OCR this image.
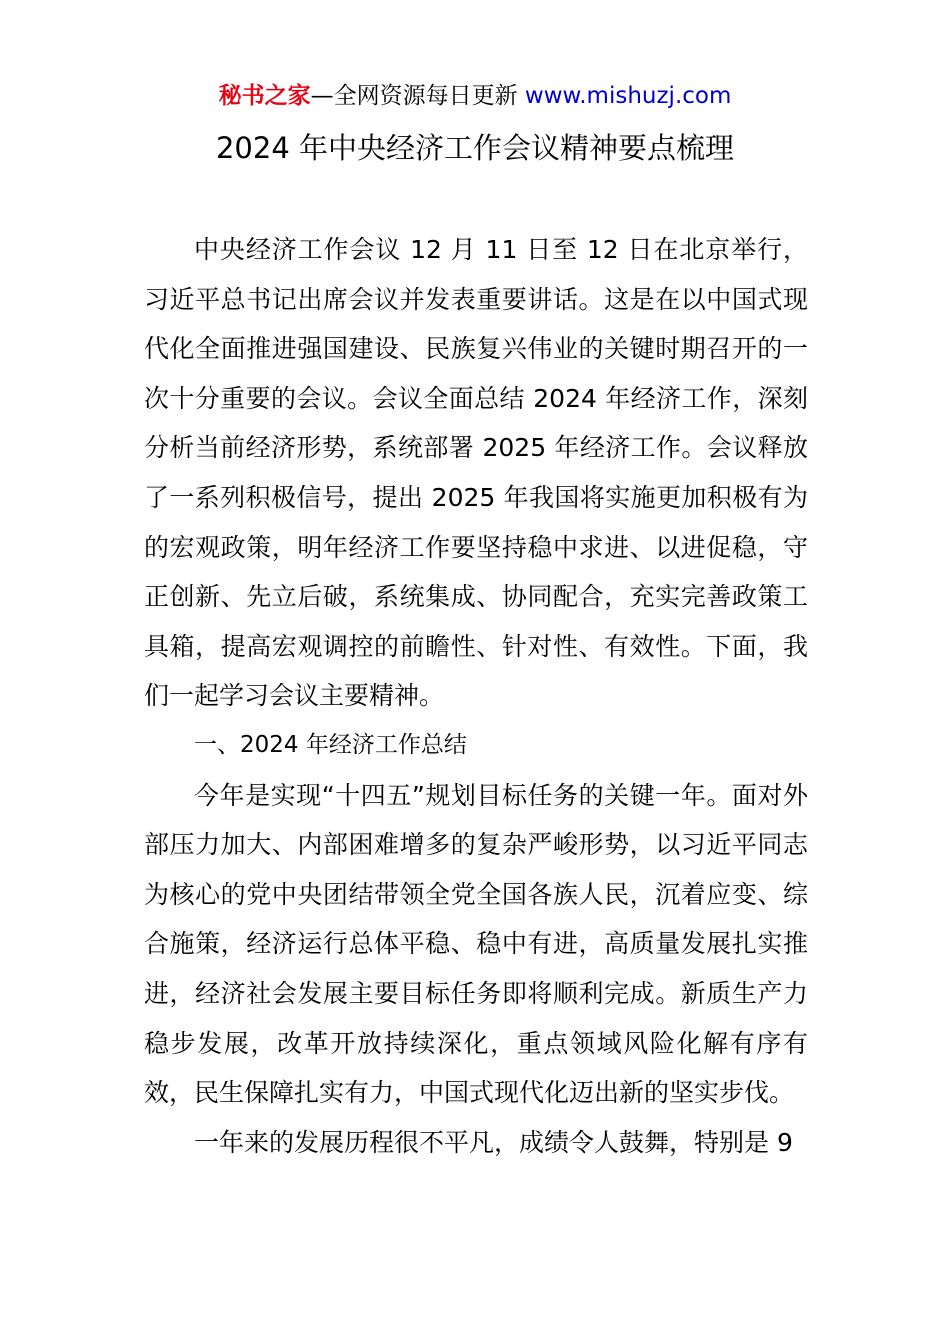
秘书之家—全网资源每日更新 www.mishuzj.com
2024 年中央经济工作会议精神要点梳理

中央经济工作会议 12 月 11 日至 12 日在北京举行，习近平总书记出席会议并发表重要讲话。这是在以中国式现代化全面推进强国建设、民族复兴伟业的关键时期召开的一次十分重要的会议。会议全面总结 2024 年经济工作，深刻分析当前经济形势，系统部署 2025 年经济工作。会议释放了一系列积极信号，提出 2025 年我国将实施更加积极有为的宏观政策，明年经济工作要坚持稳中求进、以进促稳，守正创新、先立后破，系统集成、协同配合，充实完善政策工具箱，提高宏观调控的前瞻性、针对性、有效性。下面，我们一起学习会议主要精神。

一、2024 年经济工作总结

今年是实现“十四五”规划目标任务的关键一年。面对外部压力加大、内部困难增多的复杂严峻形势，以习近平同志为核心的党中央团结带领全党全国各族人民，沉着应变、综合施策，经济运行总体平稳、稳中有进，高质量发展扎实推进，经济社会发展主要目标任务即将顺利完成。新质生产力稳步发展，改革开放持续深化，重点领域风险化解有序有效，民生保障扎实有力，中国式现代化迈出新的坚实步伐。

一年来的发展历程很不平凡，成绩令人鼓舞，特别是 9
